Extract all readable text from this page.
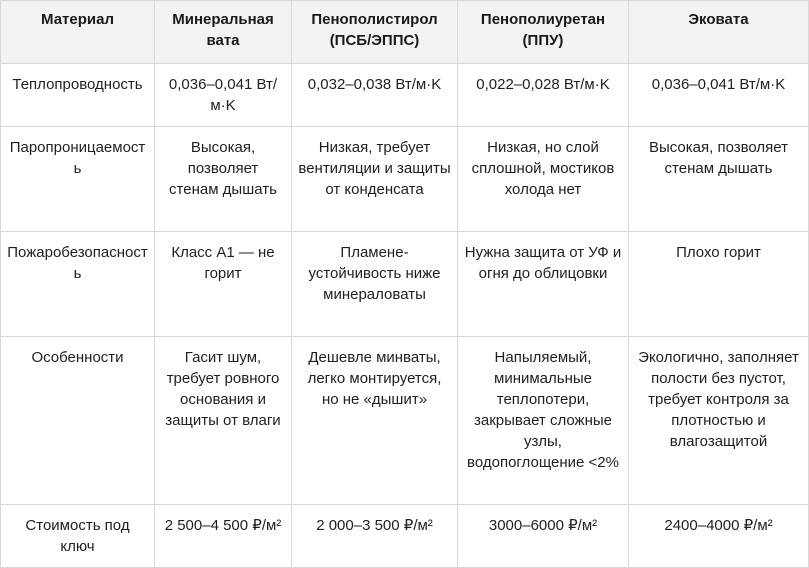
Материал	Минеральная вата	Пенополистирол (ПСБ/ЭППС)	Пенополиуретан (ППУ)	Эковата
Теплопроводность	0,036–0,041 Вт/м·K	0,032–0,038 Вт/м·K	0,022–0,028 Вт/м·K	0,036–0,041 Вт/м·K
Паропроницаемость	Высокая, позволяет стенам дышать	Низкая, требует вентиляции и защиты от конденсата	Низкая, но слой сплошной, мостиков холода нет	Высокая, позволяет стенам дышать
Пожаробезопасность	Класс А1 — не горит	Пламенеустойчивость ниже минераловаты	Нужна защита от УФ и огня до облицовки	Плохо горит
Особенности	Гасит шум, требует ровного основания и защиты от влаги	Дешевле минваты, легко монтируется, но не «дышит»	Напыляемый, минимальные теплопотери, закрывает сложные узлы, водопоглощение <2%	Экологично, заполняет полости без пустот, требует контроля за плотностью и влагозащитой
Стоимость под ключ	2 500–4 500 ₽/м²	2 000–3 500 ₽/м²	3000–6000 ₽/м²	2400–4000 ₽/м²
